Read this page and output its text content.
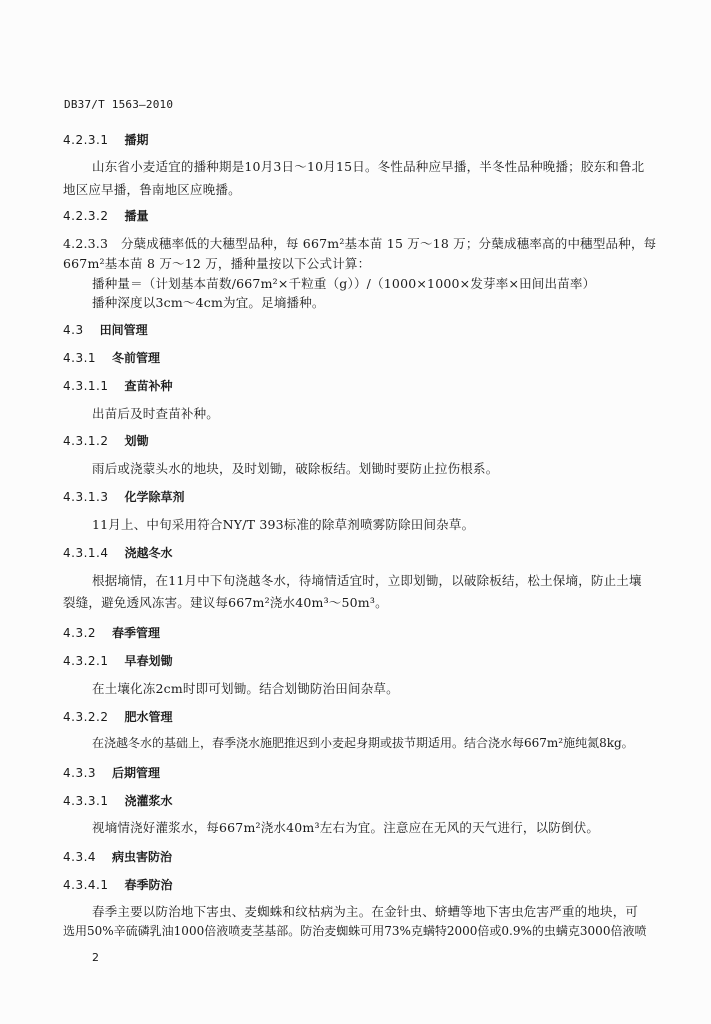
DB37/T 1563—2010
4.2.3.1 播期
山东省小麦适宜的播种期是10月3日～10月15日。冬性品种应早播，半冬性品种晚播；胶东和鲁北
地区应早播，鲁南地区应晚播。
4.2.3.2 播量
4.2.3.3　分蘖成穗率低的大穗型品种，每 667m²基本苗 15 万～18 万；分蘖成穗率高的中穗型品种，每
667m²基本苗 8 万～12 万，播种量按以下公式计算：
播种量＝（计划基本苗数/667m²×千粒重（g））/（1000×1000×发芽率×田间出苗率）
播种深度以3cm～4cm为宜。足墒播种。
4.3 田间管理
4.3.1 冬前管理
4.3.1.1 查苗补种
出苗后及时查苗补种。
4.3.1.2 划锄
雨后或浇蒙头水的地块，及时划锄，破除板结。划锄时要防止拉伤根系。
4.3.1.3 化学除草剂
11月上、中旬采用符合NY/T 393标准的除草剂喷雾防除田间杂草。
4.3.1.4 浇越冬水
根据墒情，在11月中下旬浇越冬水，待墒情适宜时，立即划锄，以破除板结，松土保墒，防止土壤
裂缝，避免透风冻害。建议每667m²浇水40m³～50m³。
4.3.2 春季管理
4.3.2.1 早春划锄
在土壤化冻2cm时即可划锄。结合划锄防治田间杂草。
4.3.2.2 肥水管理
在浇越冬水的基础上，春季浇水施肥推迟到小麦起身期或拔节期适用。结合浇水每667m²施纯氮8kg。
4.3.3 后期管理
4.3.3.1 浇灌浆水
视墒情浇好灌浆水，每667m²浇水40m³左右为宜。注意应在无风的天气进行，以防倒伏。
4.3.4 病虫害防治
4.3.4.1 春季防治
春季主要以防治地下害虫、麦蜘蛛和纹枯病为主。在金针虫、蛴螬等地下害虫危害严重的地块，可
选用50%辛硫磷乳油1000倍液喷麦茎基部。防治麦蜘蛛可用73%克螨特2000倍或0.9%的虫螨克3000倍液喷
2
